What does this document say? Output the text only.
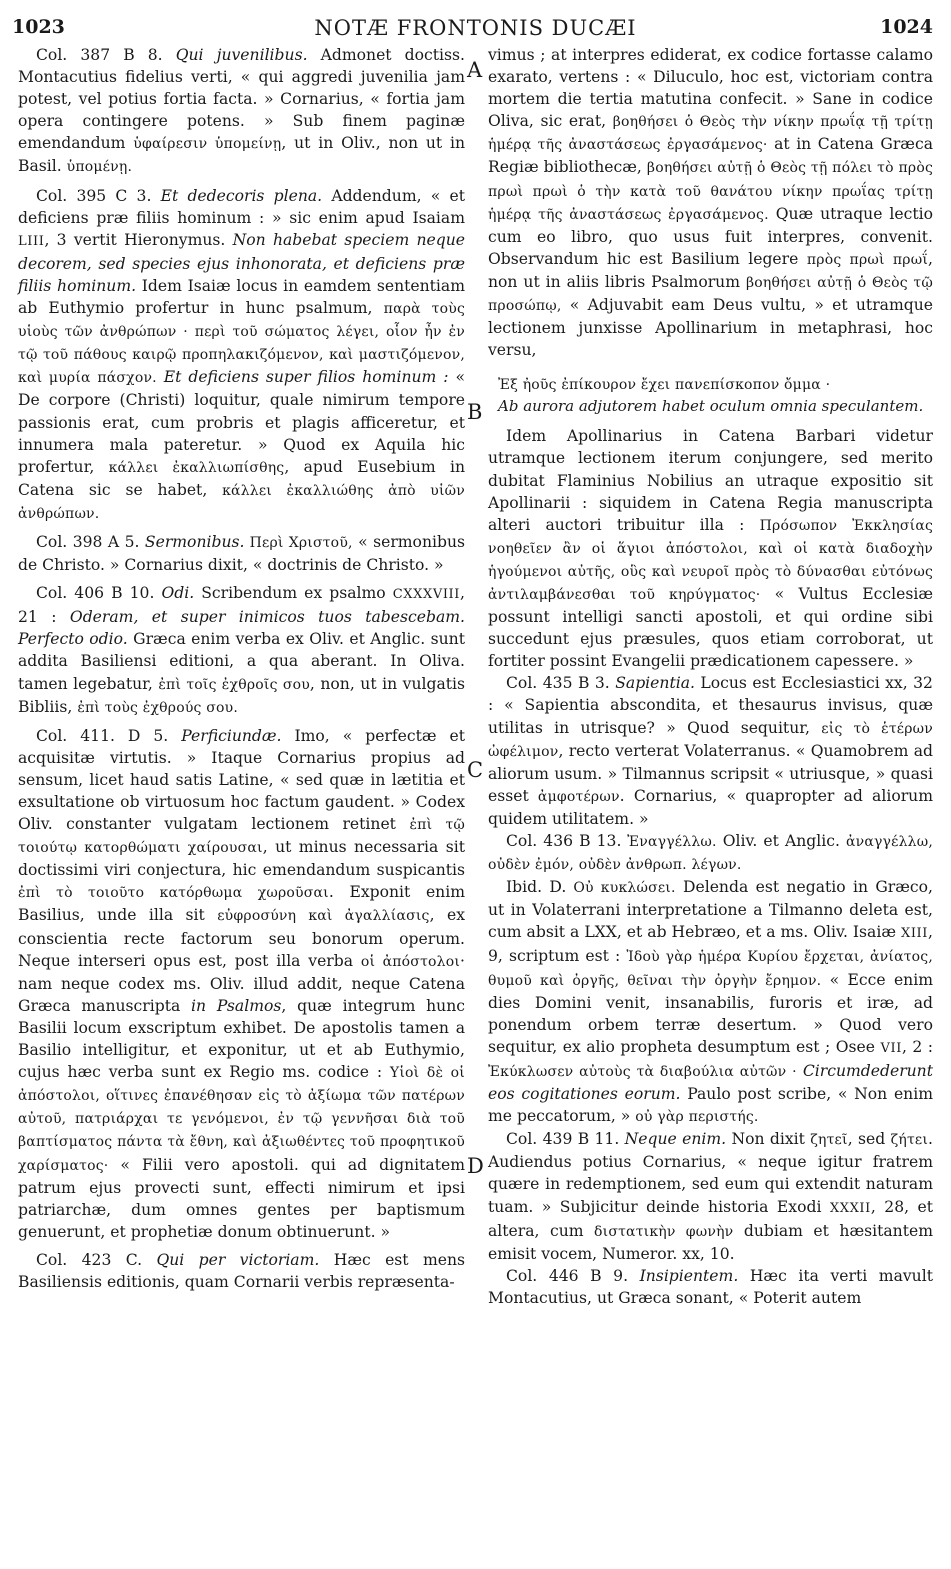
1023	NOTÆ FRONTONIS DUCÆI	1024
A
B
C
D

Col. 387 B 8. Qui juvenilibus. Admonet doctiss. Montacutius fidelius verti, « qui aggredi juvenilia jam potest, vel potius fortia facta. » Cornarius, « fortia jam opera contingere potens. » Sub finem paginæ emendandum ὑφαίρεσιν ὑπομείνῃ, ut in Oliv., non ut in Basil. ὑπομένῃ.

Col. 395 C 3. Et dedecoris plena. Addendum, « et deficiens præ filiis hominum : » sic enim apud Isaiam LIII, 3 vertit Hieronymus. Non habebat speciem neque decorem, sed species ejus inhonorata, et deficiens præ filiis hominum. Idem Isaiæ locus in eamdem sententiam ab Euthymio profertur in hunc psalmum, παρὰ τοὺς υἱοὺς τῶν ἀνθρώπων · περὶ τοῦ σώματος λέγει, οἷον ἦν ἐν τῷ τοῦ πάθους καιρῷ προπηλακιζόμενον, καὶ μαστιζόμενον, καὶ μυρία πάσχον. Et deficiens super filios hominum : « De corpore (Christi) loquitur, quale nimirum tempore passionis erat, cum probris et plagis afficeretur, et innumera mala pateretur. » Quod ex Aquila hic profertur, κάλλει ἐκαλλιωπίσθης, apud Eusebium in Catena sic se habet, κάλλει ἐκαλλιώθης ἀπὸ υἱῶν ἀνθρώπων.

Col. 398 A 5. Sermonibus. Περὶ Χριστοῦ, « sermonibus de Christo. » Cornarius dixit, « doctrinis de Christo. »

Col. 406 B 10. Odi. Scribendum ex psalmo CXXXVIII, 21 : Oderam, et super inimicos tuos tabescebam. Perfecto odio. Græca enim verba ex Oliv. et Anglic. sunt addita Basiliensi editioni, a qua aberant. In Oliva. tamen legebatur, ἐπὶ τοῖς ἐχθροῖς σου, non, ut in vulgatis Bibliis, ἐπὶ τοὺς ἐχθρούς σου.

Col. 411. D 5. Perficiundæ. Imo, « perfectæ et acquisitæ virtutis. » Itaque Cornarius propius ad sensum, licet haud satis Latine, « sed quæ in lætitia et exsultatione ob virtuosum hoc factum gaudent. » Codex Oliv. constanter vulgatam lectionem retinet ἐπὶ τῷ τοιούτῳ κατορθώματι χαίρουσαι, ut minus necessaria sit doctissimi viri conjectura, hic emendandum suspicantis ἐπὶ τὸ τοιοῦτο κατόρθωμα χωροῦσαι. Exponit enim Basilius, unde illa sit εὐφροσύνη καὶ ἀγαλλίασις, ex conscientia recte factorum seu bonorum operum. Neque interseri opus est, post illa verba οἱ ἀπόστολοι· nam neque codex ms. Oliv. illud addit, neque Catena Græca manuscripta in Psalmos, quæ integrum hunc Basilii locum exscriptum exhibet. De apostolis tamen a Basilio intelligitur, et exponitur, ut et ab Euthymio, cujus hæc verba sunt ex Regio ms. codice : Υἱοὶ δὲ οἱ ἀπόστολοι, οἵτινες ἐπανέθησαν εἰς τὸ ἀξίωμα τῶν πατέρων αὐτοῦ, πατριάρχαι τε γενόμενοι, ἐν τῷ γεννῆσαι διὰ τοῦ βαπτίσματος πάντα τὰ ἔθνη, καὶ ἀξιωθέντες τοῦ προφητικοῦ χαρίσματος· « Filii vero apostoli. qui ad dignitatem patrum ejus provecti sunt, effecti nimirum et ipsi patriarchæ, dum omnes gentes per baptismum genuerunt, et prophetiæ donum obtinuerunt. »

Col. 423 C. Qui per victoriam. Hæc est mens Basiliensis editionis, quam Cornarii verbis repræsenta-

vimus ; at interpres ediderat, ex codice fortasse calamo exarato, vertens : « Diluculo, hoc est, victoriam contra mortem die tertia matutina confecit. » Sane in codice Oliva, sic erat, βοηθήσει ὁ Θεὸς τὴν νίκην πρωΐᾳ τῇ τρίτῃ ἡμέρᾳ τῆς ἀναστάσεως ἐργασάμενος· at in Catena Græca Regiæ bibliothecæ, βοηθήσει αὐτῇ ὁ Θεὸς τῇ πόλει τὸ πρὸς πρωὶ πρωὶ ὁ τὴν κατὰ τοῦ θανάτου νίκην πρωΐας τρίτῃ ἡμέρᾳ τῆς ἀναστάσεως ἐργασάμενος. Quæ utraque lectio cum eo libro, quo usus fuit interpres, convenit. Observandum hic est Basilium legere πρὸς πρωὶ πρωΐ, non ut in aliis libris Psalmorum βοηθήσει αὐτῇ ὁ Θεὸς τῷ προσώπῳ, « Adjuvabit eam Deus vultu, » et utramque lectionem junxisse Apollinarium in metaphrasi, hoc versu,

Ἐξ ἠοῦς ἐπίκουρον ἔχει πανεπίσκοπον ὄμμα ·
Ab aurora adjutorem habet oculum omnia speculantem.

Idem Apollinarius in Catena Barbari videtur utramque lectionem iterum conjungere, sed merito dubitat Flaminius Nobilius an utraque expositio sit Apollinarii : siquidem in Catena Regia manuscripta alteri auctori tribuitur illa : Πρόσωπον Ἐκκλησίας νοηθεῖεν ἂν οἱ ἅγιοι ἀπόστολοι, καὶ οἱ κατὰ διαδοχὴν ἡγούμενοι αὐτῆς, οὓς καὶ νευροῖ πρὸς τὸ δύνασθαι εὐτόνως ἀντιλαμβάνεσθαι τοῦ κηρύγματος· « Vultus Ecclesiæ possunt intelligi sancti apostoli, et qui ordine sibi succedunt ejus præsules, quos etiam corroborat, ut fortiter possint Evangelii prædicationem capessere. »

Col. 435 B 3. Sapientia. Locus est Ecclesiastici xx, 32 : « Sapientia abscondita, et thesaurus invisus, quæ utilitas in utrisque? » Quod sequitur, εἰς τὸ ἑτέρων ὠφέλιμον, recto verterat Volaterranus. « Quamobrem ad aliorum usum. » Tilmannus scripsit « utriusque, » quasi esset ἀμφοτέρων. Cornarius, « quapropter ad aliorum quidem utilitatem. »

Col. 436 B 13. Ἐναγγέλλω. Oliv. et Anglic. ἀναγγέλλω, οὐδὲν ἐμόν, οὐδὲν ἀνθρωπ. λέγων.

Ibid. D. Οὐ κυκλώσει. Delenda est negatio in Græco, ut in Volaterrani interpretatione a Tilmanno deleta est, cum absit a LXX, et ab Hebræo, et a ms. Oliv. Isaiæ XIII, 9, scriptum est : Ἰδοὺ γὰρ ἡμέρα Κυρίου ἔρχεται, ἀνίατος, θυμοῦ καὶ ὀργῆς, θεῖναι τὴν ὀργὴν ἔρημον. « Ecce enim dies Domini venit, insanabilis, furoris et iræ, ad ponendum orbem terræ desertum. » Quod vero sequitur, ex alio propheta desumptum est ; Osee VII, 2 : Ἐκύκλωσεν αὐτοὺς τὰ διαβούλια αὐτῶν · Circumdederunt eos cogitationes eorum. Paulo post scribe, « Non enim me peccatorum, » οὐ γὰρ περιστής.

Col. 439 B 11. Neque enim. Non dixit ζητεῖ, sed ζήτει. Audiendus potius Cornarius, « neque igitur fratrem quære in redemptionem, sed eum qui extendit naturam tuam. » Subjicitur deinde historia Exodi XXXII, 28, et altera, cum διστατικὴν φωνὴν dubiam et hæsitantem emisit vocem, Numeror. xx, 10.

Col. 446 B 9. Insipientem. Hæc ita verti mavult Montacutius, ut Græca sonant, « Poterit autem
